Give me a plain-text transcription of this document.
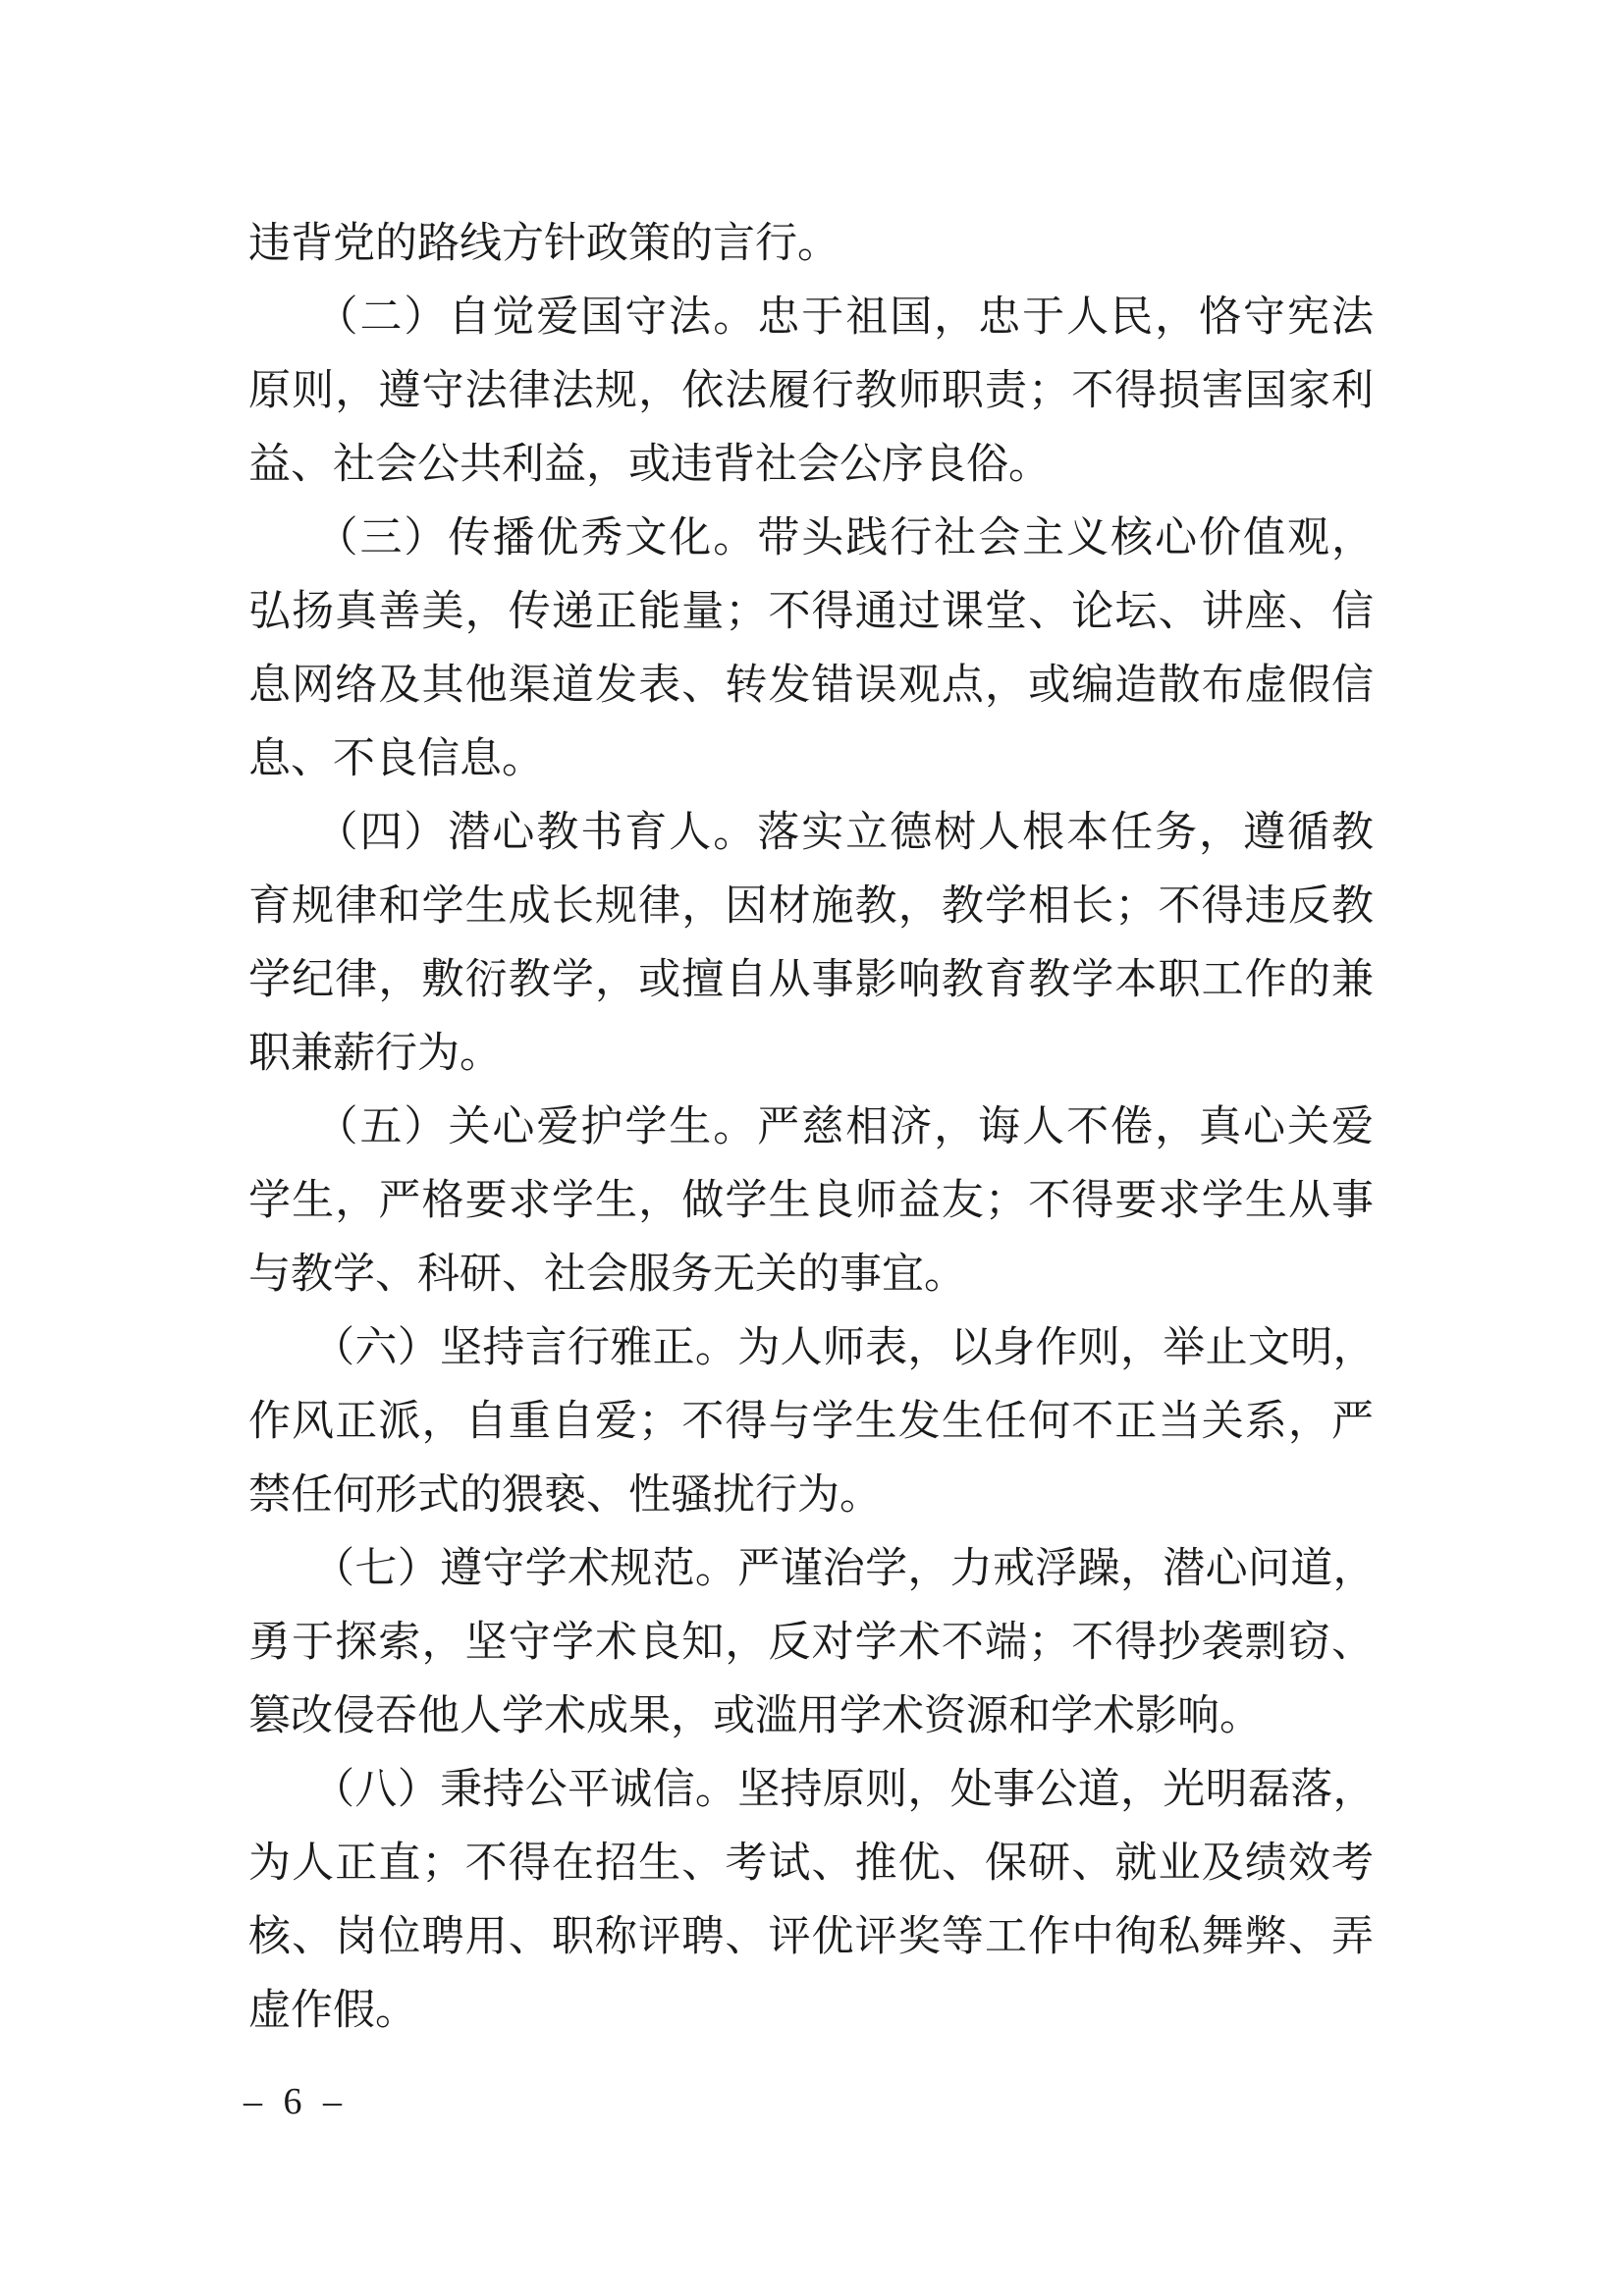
违背党的路线方针政策的言行。
　　（二）自觉爱国守法。忠于祖国，忠于人民，恪守宪法
原则，遵守法律法规，依法履行教师职责；不得损害国家利
益、社会公共利益，或违背社会公序良俗。
　　（三）传播优秀文化。带头践行社会主义核心价值观，
弘扬真善美，传递正能量；不得通过课堂、论坛、讲座、信
息网络及其他渠道发表、转发错误观点，或编造散布虚假信
息、不良信息。
　　（四）潜心教书育人。落实立德树人根本任务，遵循教
育规律和学生成长规律，因材施教，教学相长；不得违反教
学纪律，敷衍教学，或擅自从事影响教育教学本职工作的兼
职兼薪行为。
　　（五）关心爱护学生。严慈相济，诲人不倦，真心关爱
学生，严格要求学生，做学生良师益友；不得要求学生从事
与教学、科研、社会服务无关的事宜。
　　（六）坚持言行雅正。为人师表，以身作则，举止文明，
作风正派，自重自爱；不得与学生发生任何不正当关系，严
禁任何形式的猥亵、性骚扰行为。
　　（七）遵守学术规范。严谨治学，力戒浮躁，潜心问道，
勇于探索，坚守学术良知，反对学术不端；不得抄袭剽窃、
篡改侵吞他人学术成果，或滥用学术资源和学术影响。
　　（八）秉持公平诚信。坚持原则，处事公道，光明磊落，
为人正直；不得在招生、考试、推优、保研、就业及绩效考
核、岗位聘用、职称评聘、评优评奖等工作中徇私舞弊、弄
虚作假。
– 6 –
